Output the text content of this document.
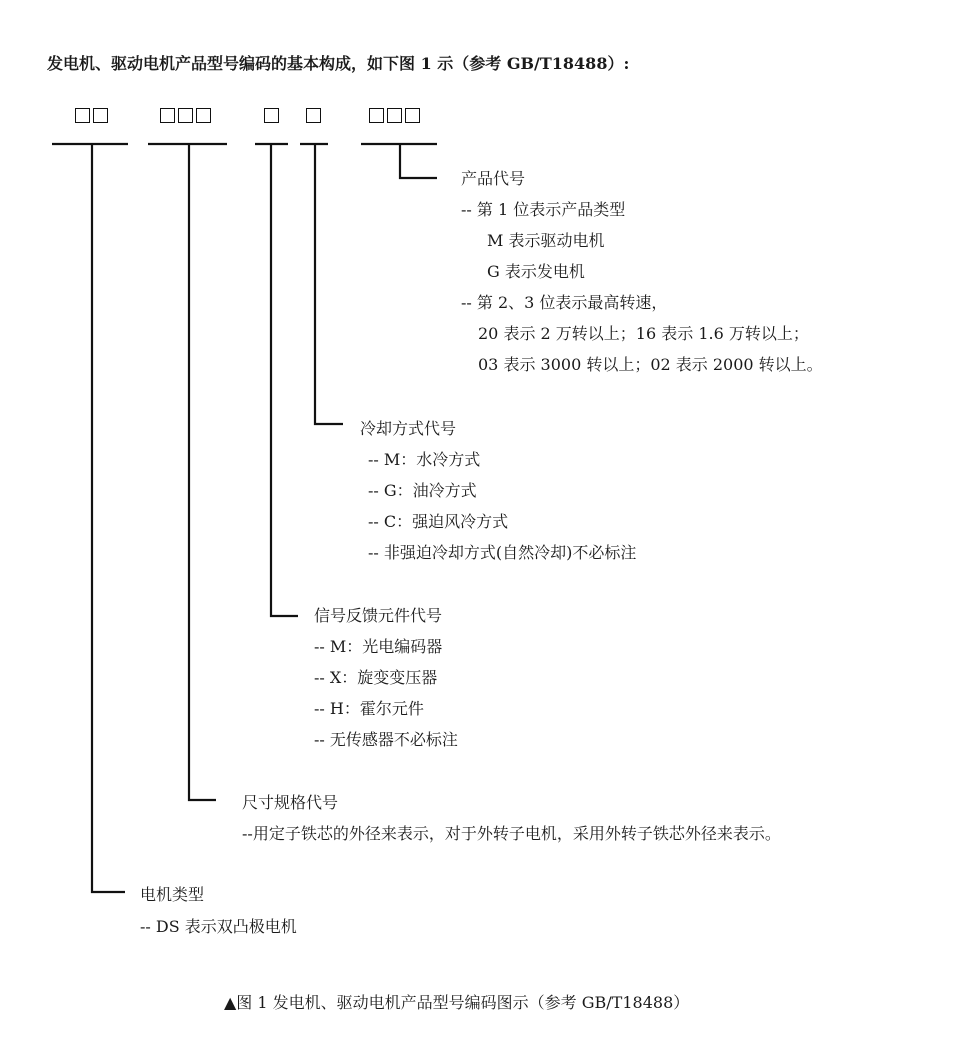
发电机、驱动电机产品型号编码的基本构成，如下图 1 示（参考 GB/T18488）:
产品代号
-- 第 1 位表示产品类型
M 表示驱动电机
G 表示发电机
-- 第 2、3 位表示最高转速，
20 表示 2 万转以上；16 表示 1.6 万转以上；
03 表示 3000 转以上；02 表示 2000 转以上。
冷却方式代号
-- M：水冷方式
-- G：油冷方式
-- C：强迫风冷方式
-- 非强迫冷却方式(自然冷却)不必标注
信号反馈元件代号
-- M：光电编码器
-- X：旋变变压器
-- H：霍尔元件
-- 无传感器不必标注
尺寸规格代号
--用定子铁芯的外径来表示，对于外转子电机，采用外转子铁芯外径来表示。
电机类型
-- DS 表示双凸极电机
▲图 1 发电机、驱动电机产品型号编码图示（参考 GB/T18488）
